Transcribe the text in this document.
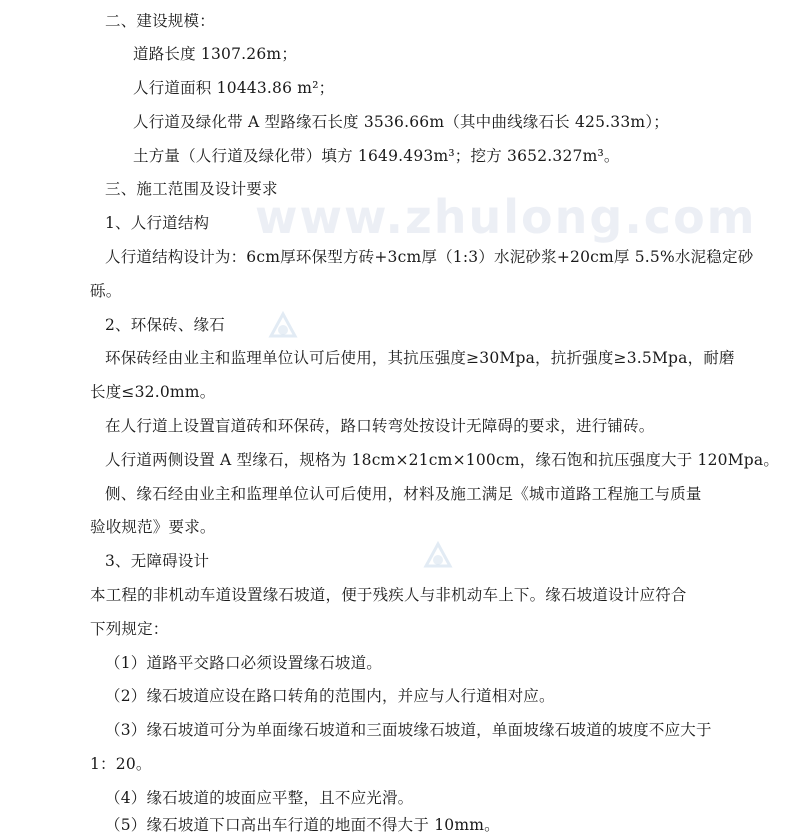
www.zhulong.com
二、建设规模：
道路长度 1307.26m；
人行道面积 10443.86 m²；
人行道及绿化带 A 型路缘石长度 3536.66m（其中曲线缘石长 425.33m）；
土方量（人行道及绿化带）填方 1649.493m³；挖方 3652.327m³。
三、施工范围及设计要求
1、人行道结构
人行道结构设计为：6cm厚环保型方砖+3cm厚（1:3）水泥砂浆+20cm厚 5.5%水泥稳定砂
砾。
2、环保砖、缘石
环保砖经由业主和监理单位认可后使用，其抗压强度≥30Mpa，抗折强度≥3.5Mpa，耐磨
长度≤32.0mm。
在人行道上设置盲道砖和环保砖，路口转弯处按设计无障碍的要求，进行铺砖。
人行道两侧设置 A 型缘石，规格为 18cm×21cm×100cm，缘石饱和抗压强度大于 120Mpa。
侧、缘石经由业主和监理单位认可后使用，材料及施工满足《城市道路工程施工与质量
验收规范》要求。
3、无障碍设计
本工程的非机动车道设置缘石坡道，便于残疾人与非机动车上下。缘石坡道设计应符合
下列规定：
（1）道路平交路口必须设置缘石坡道。
（2）缘石坡道应设在路口转角的范围内，并应与人行道相对应。
（3）缘石坡道可分为单面缘石坡道和三面坡缘石坡道，单面坡缘石坡道的坡度不应大于
1：20。
（4）缘石坡道的坡面应平整，且不应光滑。
（5）缘石坡道下口高出车行道的地面不得大于 10mm。
